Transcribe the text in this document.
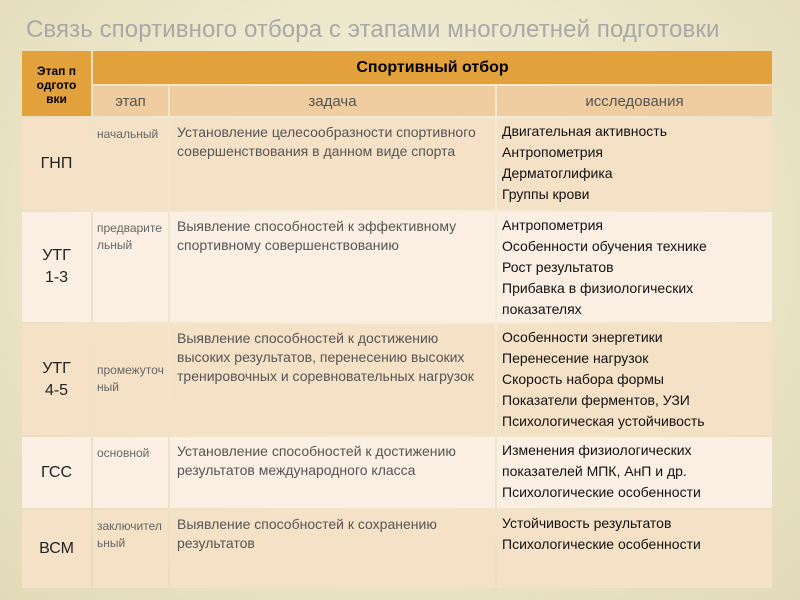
Связь спортивного отбора с этапами многолетней подготовки
Этап подготовки	Спортивный отбор		
	этап	задача	исследования
ГНП	начальный	Установление целесообразности спортивного совершенствования в данном виде спорта	Двигательная активность
Антропометрия
Дерматоглифика
Группы крови

УТГ 1-3	предварительный	Выявление способностей к эффективному спортивному совершенствованию	Антропометрия
Особенности обучения технике
Рост результатов
Прибавка в физиологических показателях

УТГ 4-5	промежуточный	Выявление способностей к достижению высоких результатов, перенесению высоких тренировочных и соревновательных нагрузок	Особенности энергетики
Перенесение нагрузок
Скорость набора формы
Показатели ферментов, УЗИ
Психологическая устойчивость

ГСС	основной	Установление способностей к достижению результатов международного класса	Изменения физиологических показателей МПК, АнП и др.
Психологические особенности

ВСМ	заключительный	Выявление способностей к сохранению результатов	Устойчивость результатов
Психологические особенности
